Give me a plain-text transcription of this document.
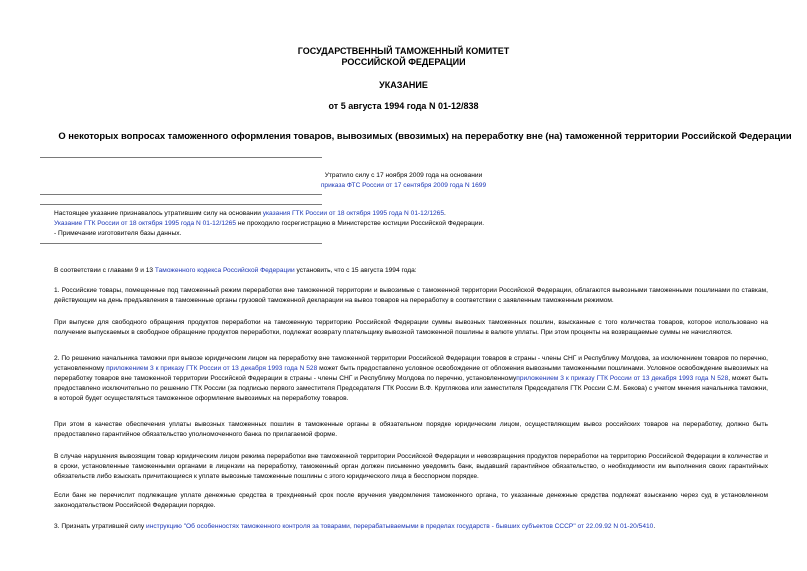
ГОСУДАРСТВЕННЫЙ ТАМОЖЕННЫЙ КОМИТЕТ
РОССИЙСКОЙ ФЕДЕРАЦИИ
УКАЗАНИЕ
от 5 августа 1994 года N 01-12/838
О некоторых вопросах таможенного оформления товаров, вывозимых (ввозимых) на переработку вне (на) таможенной территории Российской Федерации
Утратило силу с 17 ноября 2009 года на основании
приказа ФТС России от 17 сентября 2009 года N 1699
Настоящее указание признавалось утратившим силу на основании указания ГТК России от 18 октября 1995 года N 01-12/1265.
Указание ГТК России от 18 октября 1995 года N 01-12/1265 не проходило госрегистрацию в Министерстве юстиции Российской Федерации.
- Примечание изготовителя базы данных.
В соответствии с главами 9 и 13 Таможенного кодекса Российской Федерации установить, что с 15 августа 1994 года:
1. Российские товары, помещенные под таможенный режим переработки вне таможенной территории и вывозимые с таможенной территории Российской Федерации, облагаются вывозными таможенными пошлинами по ставкам, действующим на день предъявления в таможенные органы грузовой таможенной декларации на вывоз товаров на переработку в соответствии с заявленным таможенным режимом.
При выпуске для свободного обращения продуктов переработки на таможенную территорию Российской Федерации суммы вывозных таможенных пошлин, взысканные с того количества товаров, которое использовано на получение выпускаемых в свободное обращение продуктов переработки, подлежат возврату плательщику вывозной таможенной пошлины в валюте уплаты. При этом проценты на возвращаемые суммы не начисляются.
2. По решению начальника таможни при вывозе юридическим лицом на переработку вне таможенной территории Российской Федерации товаров в страны - члены СНГ и Республику Молдова, за исключением товаров по перечню, установленному приложением 3 к приказу ГТК России от 13 декабря 1993 года N 528 может быть предоставлено условное освобождение от обложения вывозными таможенными пошлинами. Условное освобождение вывозимых на переработку товаров вне таможенной территории Российской Федерации в страны - члены СНГ и Республику Молдова по перечню, установленномуприложением 3 к приказу ГТК России от 13 декабря 1993 года N 528, может быть предоставлено исключительно по решению ГТК России (за подписью первого заместителя Председателя ГТК России В.Ф. Круглякова или заместителя Председателя ГТК России С.М. Бекова) с учетом мнения начальника таможни, в которой будет осуществляться таможенное оформление вывозимых на переработку товаров.
При этом в качестве обеспечения уплаты вывозных таможенных пошлин в таможенные органы в обязательном порядке юридическим лицом, осуществляющим вывоз российских товаров на переработку, должно быть предоставлено гарантийное обязательство уполномоченного банка по прилагаемой форме.
В случае нарушения вывозящим товар юридическим лицом режима переработки вне таможенной территории Российской Федерации и невозвращения продуктов переработки на территорию Российской Федерации в количестве и в сроки, установленные таможенными органами в лицензии на переработку, таможенный орган должен письменно уведомить банк, выдавший гарантийное обязательство, о необходимости им выполнения своих гарантийных обязательств либо взыскать причитающиеся к уплате вывозные таможенные пошлины с этого юридического лица в бесспорном порядке.
Если банк не перечислит подлежащие уплате денежные средства в трехдневный срок после вручения уведомления таможенного органа, то указанные денежные средства подлежат взысканию через суд в установленном законодательством Российской Федерации порядке.
3. Признать утратившей силу инструкцию "Об особенностях таможенного контроля за товарами, перерабатываемыми в пределах государств - бывших субъектов СССР" от 22.09.92 N 01-20/5410.
